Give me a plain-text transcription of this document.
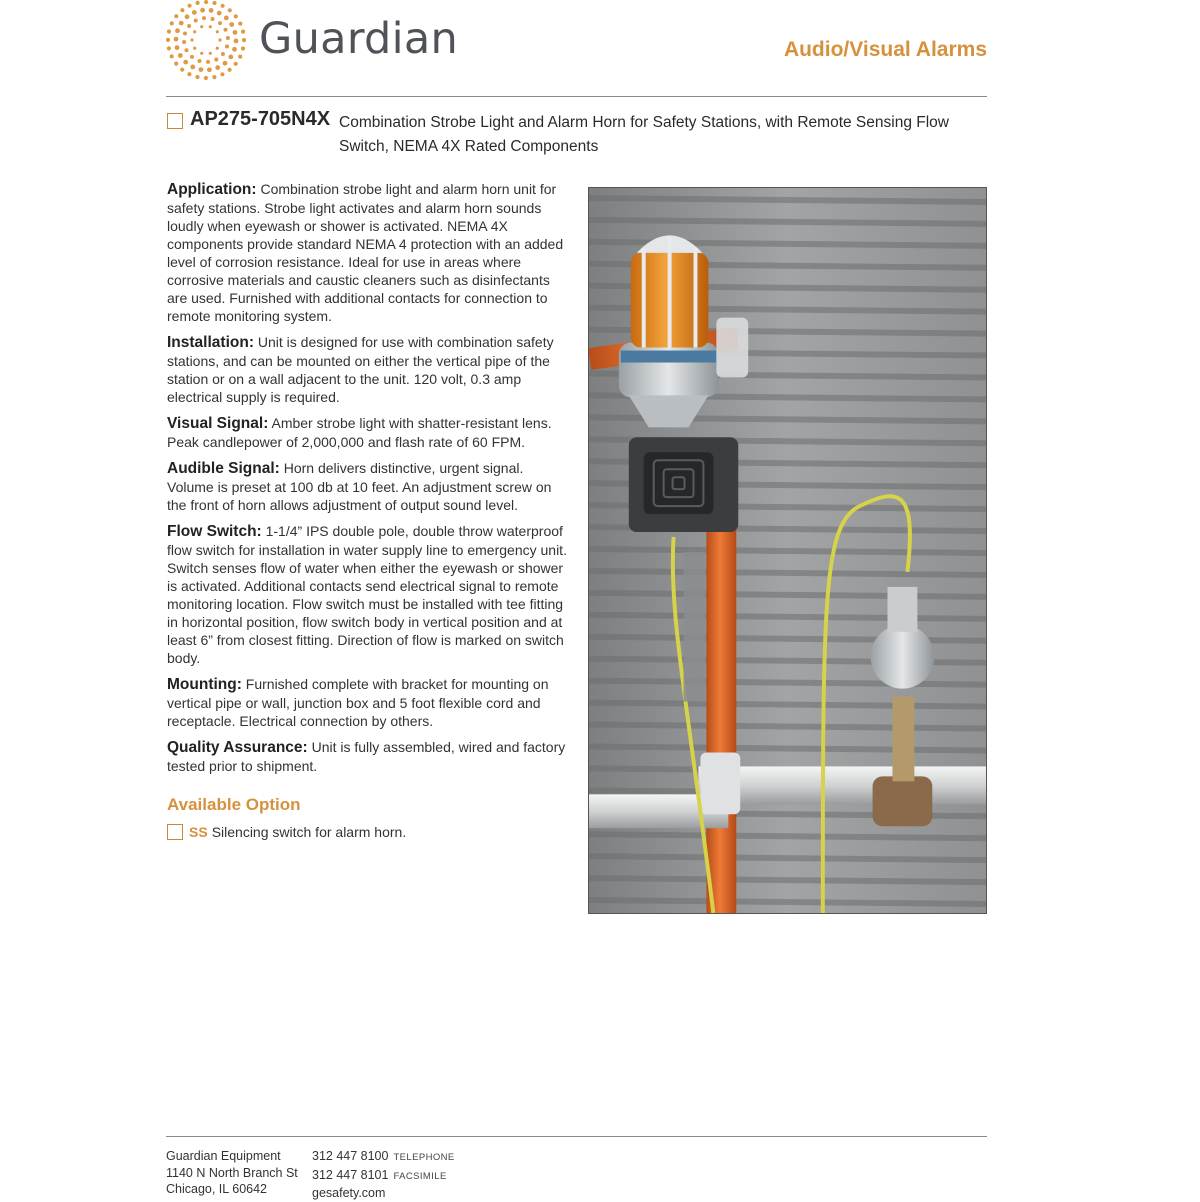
Guardian	Audio/Visual Alarms
AP275-705N4X Combination Strobe Light and Alarm Horn for Safety Stations, with Remote Sensing Flow Switch, NEMA 4X Rated Components

Application: Combination strobe light and alarm horn unit for safety stations. Strobe light activates and alarm horn sounds loudly when eyewash or shower is activated. NEMA 4X components provide standard NEMA 4 protection with an added level of corrosion resistance. Ideal for use in areas where corrosive materials and caustic cleaners such as disinfectants are used. Furnished with additional contacts for connection to remote monitoring system.

Installation: Unit is designed for use with combination safety stations, and can be mounted on either the vertical pipe of the station or on a wall adjacent to the unit. 120 volt, 0.3 amp electrical supply is required.

Visual Signal: Amber strobe light with shatter-resistant lens. Peak candlepower of 2,000,000 and flash rate of 60 FPM.

Audible Signal: Horn delivers distinctive, urgent signal. Volume is preset at 100 db at 10 feet. An adjustment screw on the front of horn allows adjustment of output sound level.

Flow Switch: 1-1/4” IPS double pole, double throw waterproof flow switch for installation in water supply line to emergency unit. Switch senses flow of water when either the eyewash or shower is activated. Additional contacts send electrical signal to remote monitoring location. Flow switch must be installed with tee fitting in horizontal position, flow switch body in vertical position and at least 6” from closest fitting. Direction of flow is marked on switch body.

Mounting: Furnished complete with bracket for mounting on vertical pipe or wall, junction box and 5 foot flexible cord and receptacle. Electrical connection by others.

Quality Assurance: Unit is fully assembled, wired and factory tested prior to shipment.

Available Option
SS Silencing switch for alarm horn.
Guardian Equipment
1140 N North Branch St
Chicago, IL 60642
312 447 8100 TELEPHONE
312 447 8101 FACSIMILE
gesafety.com
